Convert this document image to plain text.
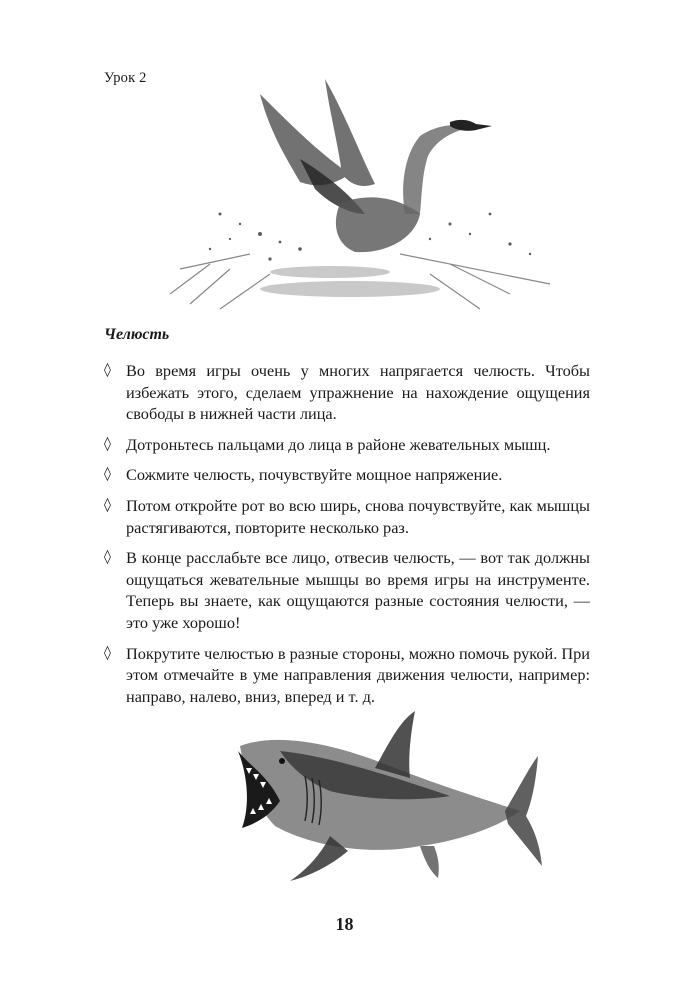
Урок 2
Челюсть
◊ Во время игры очень у многих напрягается челюсть. Чтобы избежать этого, сделаем упражнение на нахождение ощущения свободы в нижней части лица.
◊ Дотроньтесь пальцами до лица в районе жевательных мышц.
◊ Сожмите челюсть, почувствуйте мощное напряжение.
◊ Потом откройте рот во всю ширь, снова почувствуйте, как мышцы растягиваются, повторите несколько раз.
◊ В конце расслабьте все лицо, отвесив челюсть, — вот так должны ощущаться жевательные мышцы во время игры на инструменте. Теперь вы знаете, как ощущаются разные состояния челюсти, — это уже хорошо!
◊ Покрутите челюстью в разные стороны, можно помочь рукой. При этом отмечайте в уме направления движения челюсти, например: направо, налево, вниз, вперед и т. д.
18
